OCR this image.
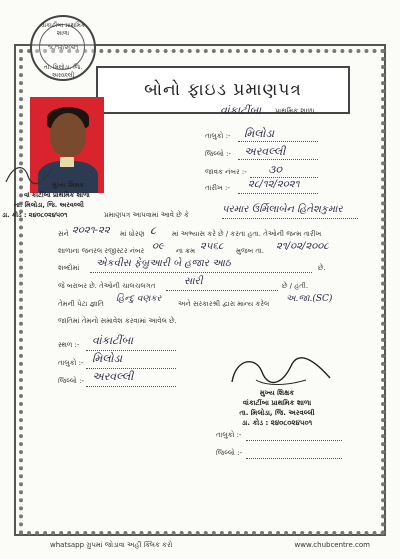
વાંકાટીંબા પ્રાથમિક શાળા
૧૮/૧૨/૨૦૨૧
તા. મિલોડા, જિ. અરવલ્લી
બોનો ફાઇડ પ્રમાણપત્ર
વાંકાટીંબા પ્રાથમિક શાળા,
તાલુકો :- મિલોડા
જિલ્લો :- અરવલ્લી
જાવક નંબર :- ૩૦
તારીખ :- ૨૮/૧૨/૨૦૨૧
મુખ્ય શિક્ષક
વાં કાટીંબા પ્રાથમિક શાળા
તા. મિલોડા, જિ. અરવલ્લી
ડા. કોડ : ૨૪૦૮૦૨૪૫૦૧	પ્રમાણપત્ર આપવામાં આવે છે કે	પરમાર ઉર્મિલાબેન હિતેશકુમાર
સને ૨૦૨૧-૨૨ માં ધોરણ ૮ માં અભ્યાસ કરે છે / કરતા હતા. તેઓની જન્મ તારીખ
શાળાના જનરલ રજીસ્ટર નંબર ૦૯ ના ક્રમ ૨૫૬૮ મુજબ તા. ૨૧/૦૨/૨૦૦૮
શબ્દોમાં એકવીસ ફેબ્રુઆરી બે હજાર આઠ	છે.
જે બરાબર છે. તેઓની ચાલચલગત	સારી	છે / હતી.
તેમની પેટા જ્ઞાતિ હિન્દુ વણકર અને સરકારશ્રી દ્વારા માન્ય કરેલ અ.જા.(SC)
જાતિમાં તેમનો સમાવેશ કરવામાં આવેલ છે.
સ્થળ :- વાંકાટીંબા
તાલુકો :- મિલોડા
જિલ્લો :- અરવલ્લી
મુખ્ય શિક્ષક
વાંકાટીંબા પ્રાથમિક શાળા
તા. મિલોડા, જિ. અરવલ્લી
ડા. કોડ : ૨૪૦૮૦૨૪૫૦૧
તાલુકો :-
જિલ્લો :-
whatsapp ગ્રુપમાં જોડાવા અહીં ક્લિક કરો	www.chubcentre.com
